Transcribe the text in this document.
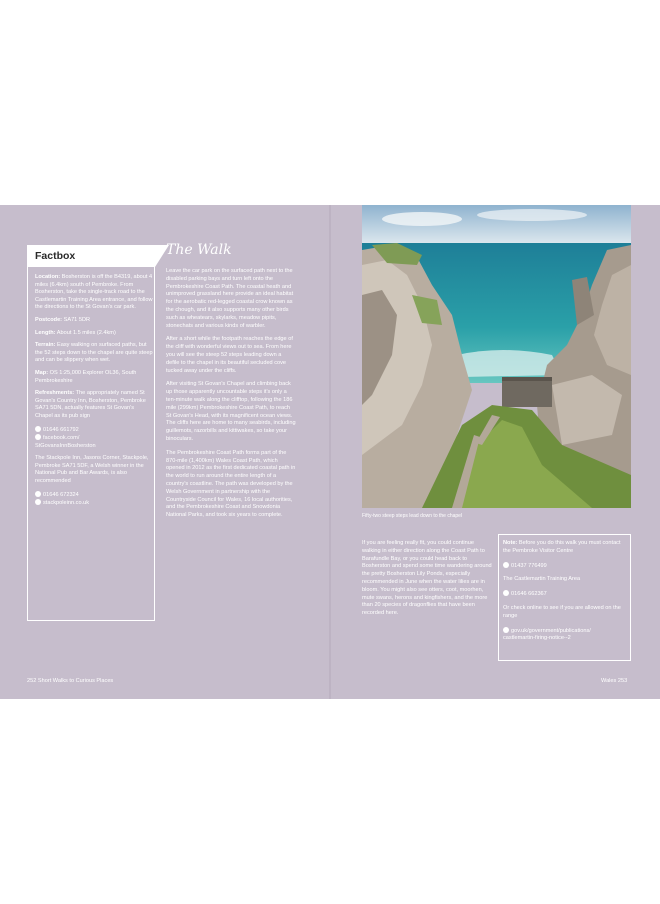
Factbox

Location: Bosherston is off the B4319, about 4 miles (6.4km) south of Pembroke. From Bosherston, take the single-track road to the Castlemartin Training Area entrance, and follow the directions to the St Govan's car park.

Postcode: SA71 5DR

Length: About 1.5 miles (2.4km)

Terrain: Easy walking on surfaced paths, but the 52 steps down to the chapel are quite steep and can be slippery when wet.

Map: OS 1:25,000 Explorer OL36, South Pembrokeshire

Refreshments: The appropriately named St Govan's Country Inn, Bosherston, Pembroke SA71 5DN, actually features St Govan's Chapel as its pub sign

01646 661792
facebook.com/
StGovansInnBosherston

The Stackpole Inn, Jasons Corner, Stackpole, Pembroke SA71 5DF, a Welsh winner in the National Pub and Bar Awards, is also recommended

01646 672324
stackpoleinn.co.uk

The Walk

Leave the car park on the surfaced path next to the disabled parking bays and turn left onto the Pembrokeshire Coast Path. The coastal heath and unimproved grassland here provide an ideal habitat for the aerobatic red-legged coastal crow known as the chough, and it also supports many other birds such as wheatears, skylarks, meadow pipits, stonechats and various kinds of warbler.

After a short while the footpath reaches the edge of the cliff with wonderful views out to sea. From here you will see the steep 52 steps leading down a defile to the chapel in its beautiful secluded cove tucked away under the cliffs.

After visiting St Govan's Chapel and climbing back up those apparently uncountable steps it's only a ten-minute walk along the clifftop, following the 186 mile (299km) Pembrokeshire Coast Path, to reach St Govan's Head, with its magnificent ocean views. The cliffs here are home to many seabirds, including guillemots, razorbills and kittiwakes, so take your binoculars.

The Pembrokeshire Coast Path forms part of the 870-mile (1,400km) Wales Coast Path, which opened in 2012 as the first dedicated coastal path in the world to run around the entire length of a country's coastline. The path was developed by the Welsh Government in partnership with the Countryside Council for Wales, 16 local authorities, and the Pembrokeshire Coast and Snowdonia National Parks, and took six years to complete.	Fifty-two steep steps lead down to the chapel

If you are feeling really fit, you could continue walking in either direction along the Coast Path to Barafundle Bay, or you could head back to Bosherston and spend some time wandering around the pretty Bosherston Lily Ponds, especially recommended in June when the water lilies are in bloom. You might also see otters, coot, moorhen, mute swans, herons and kingfishers, and the more than 20 species of dragonflies that have been recorded here.

Note: Before you do this walk you must contact the Pembroke Visitor Centre

01437 776499

The Castlemartin Training Area

01646 662367

Or check online to see if you are allowed on the range

gov.uk/government/publications/
castlemartin-firing-notice--2

252 Short Walks to Curious Places	Wales 253
